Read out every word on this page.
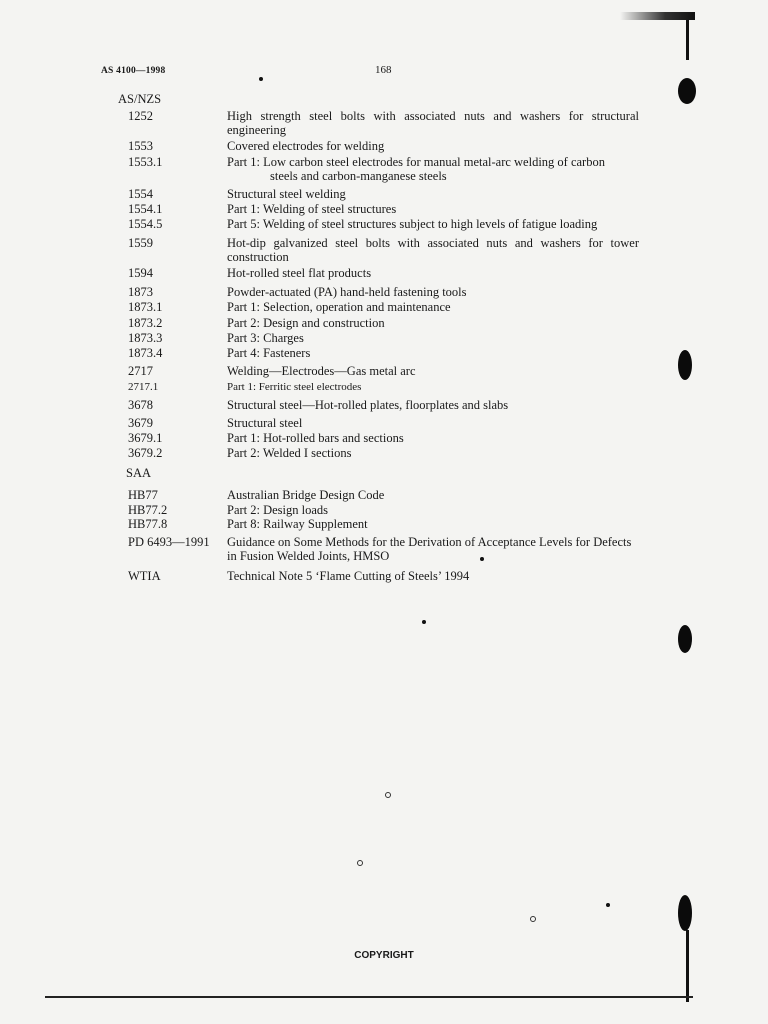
AS 4100—1998	168
AS/NZS
1252	High strength steel bolts with associated nuts and washers for structural engineering
1553	Covered electrodes for welding
1553.1	Part 1: Low carbon steel electrodes for manual metal-arc welding of carbon
steels and carbon-manganese steels
1554	Structural steel welding
1554.1	Part 1: Welding of steel structures
1554.5	Part 5: Welding of steel structures subject to high levels of fatigue loading
1559	Hot-dip galvanized steel bolts with associated nuts and washers for tower construction
1594	Hot-rolled steel flat products
1873	Powder-actuated (PA) hand-held fastening tools
1873.1	Part 1: Selection, operation and maintenance
1873.2	Part 2: Design and construction
1873.3	Part 3: Charges
1873.4	Part 4: Fasteners
2717	Welding—Electrodes—Gas metal arc
2717.1	Part 1: Ferritic steel electrodes
3678	Structural steel—Hot-rolled plates, floorplates and slabs
3679	Structural steel
3679.1	Part 1: Hot-rolled bars and sections
3679.2	Part 2: Welded I sections
SAA
HB77	Australian Bridge Design Code
HB77.2	Part 2: Design loads
HB77.8	Part 8: Railway Supplement
PD 6493—1991 Guidance on Some Methods for the Derivation of Acceptance Levels for Defects in Fusion Welded Joints, HMSO
WTIA	Technical Note 5 ‘Flame Cutting of Steels’ 1994
COPYRIGHT
